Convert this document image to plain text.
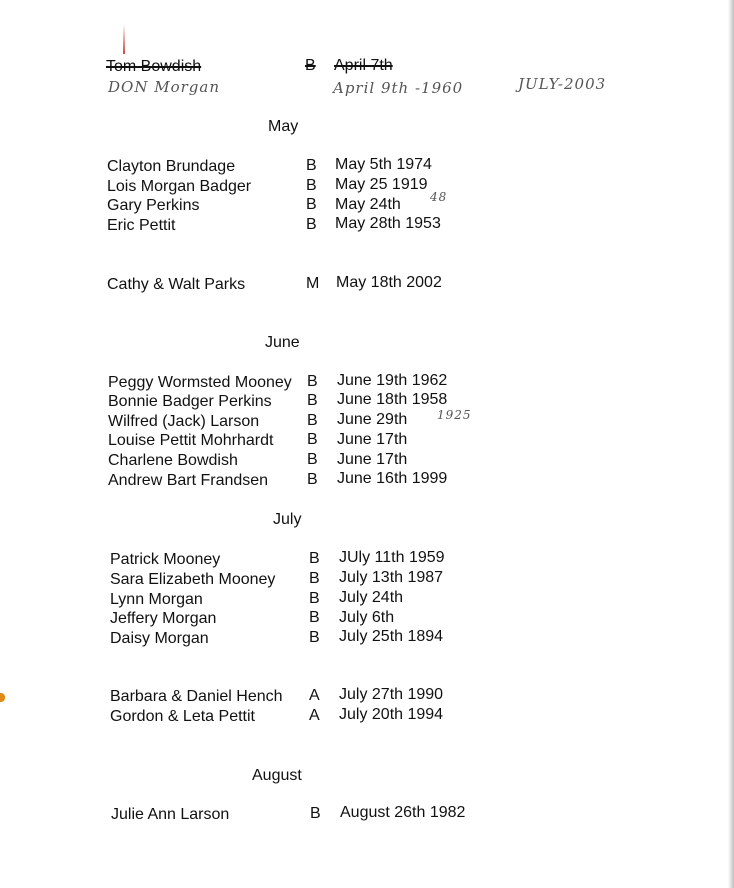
Tom Bowdish	B April 7th
DON Morgan	April 9th -1960	JULY-2003
May
Clayton Brundage	B May 5th 1974
Lois Morgan Badger	B May 25 1919
Gary Perkins	B May 24th 48
Eric Pettit	B May 28th 1953
Cathy & Walt Parks	M May 18th 2002
June
Peggy Wormsted Mooney B June 19th 1962
Bonnie Badger Perkins B June 18th 1958
Wilfred (Jack) Larson	B June 29th 1925
Louise Pettit Mohrhardt B June 17th
Charlene Bowdish	B June 17th
Andrew Bart Frandsen B June 16th 1999
July
Patrick Mooney	B JUly 11th 1959
Sara Elizabeth Mooney B July 13th 1987
Lynn Morgan	B July 24th
Jeffery Morgan	B July 6th
Daisy Morgan	B July 25th 1894
Barbara & Daniel Hench A July 27th 1990
Gordon & Leta Pettit	A July 20th 1994
August
Julie Ann Larson	B August 26th 1982
